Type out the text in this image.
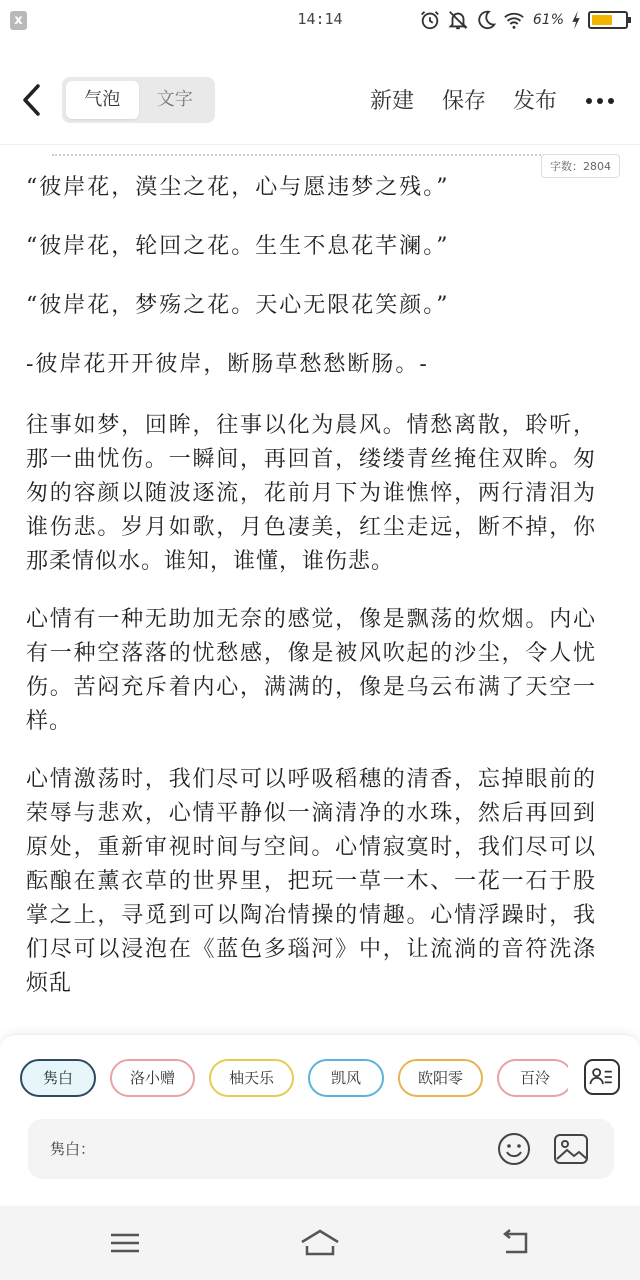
x	14:14	61%
气泡	文字	新建 保存 发布
字数：2804
“彼岸花，漠尘之花，心与愿违梦之残。”
“彼岸花，轮回之花。生生不息花芊澜。”
“彼岸花，梦殇之花。天心无限花笑颜。”
-彼岸花开开彼岸，断肠草愁愁断肠。-
往事如梦，回眸，往事以化为晨风。情愁离散，聆听，那一曲忧伤。一瞬间，再回首，缕缕青丝掩住双眸。匆匆的容颜以随波逐流，花前月下为谁憔悴，两行清泪为谁伤悲。岁月如歌，月色凄美，红尘走远，断不掉，你那柔情似水。谁知，谁懂，谁伤悲。
心情有一种无助加无奈的感觉，像是飘荡的炊烟。内心有一种空落落的忧愁感，像是被风吹起的沙尘，令人忧伤。苦闷充斥着内心，满满的，像是乌云布满了天空一样。
心情激荡时，我们尽可以呼吸稻穗的清香，忘掉眼前的荣辱与悲欢，心情平静似一滴清净的水珠，然后再回到原处，重新审视时间与空间。心情寂寞时，我们尽可以酝酿在薰衣草的世界里，把玩一草一木、一花一石于股掌之上，寻觅到可以陶冶情操的情趣。心情浮躁时，我们尽可以浸泡在《蓝色多瑙河》中，让流淌的音符洗涤烦乱
隽白	洛小赠	柚天乐	凯风	欧阳零	百泠
隽白：
